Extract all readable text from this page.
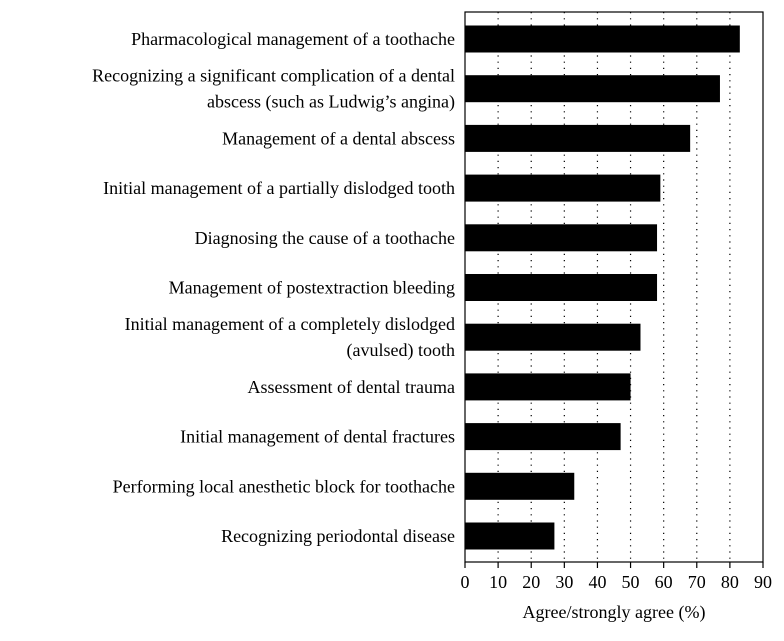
Pharmacological management of a toothache
Recognizing a significant complication of a dental
abscess (such as Ludwig’s angina)
Management of a dental abscess
Initial management of a partially dislodged tooth
Diagnosing the cause of a toothache
Management of postextraction bleeding
Initial management of a completely dislodged
(avulsed) tooth
Assessment of dental trauma
Initial management of dental fractures
Performing local anesthetic block for toothache
Recognizing periodontal disease
0 10 20 30 40 50 60 70 80 90
Agree/strongly agree (%)
